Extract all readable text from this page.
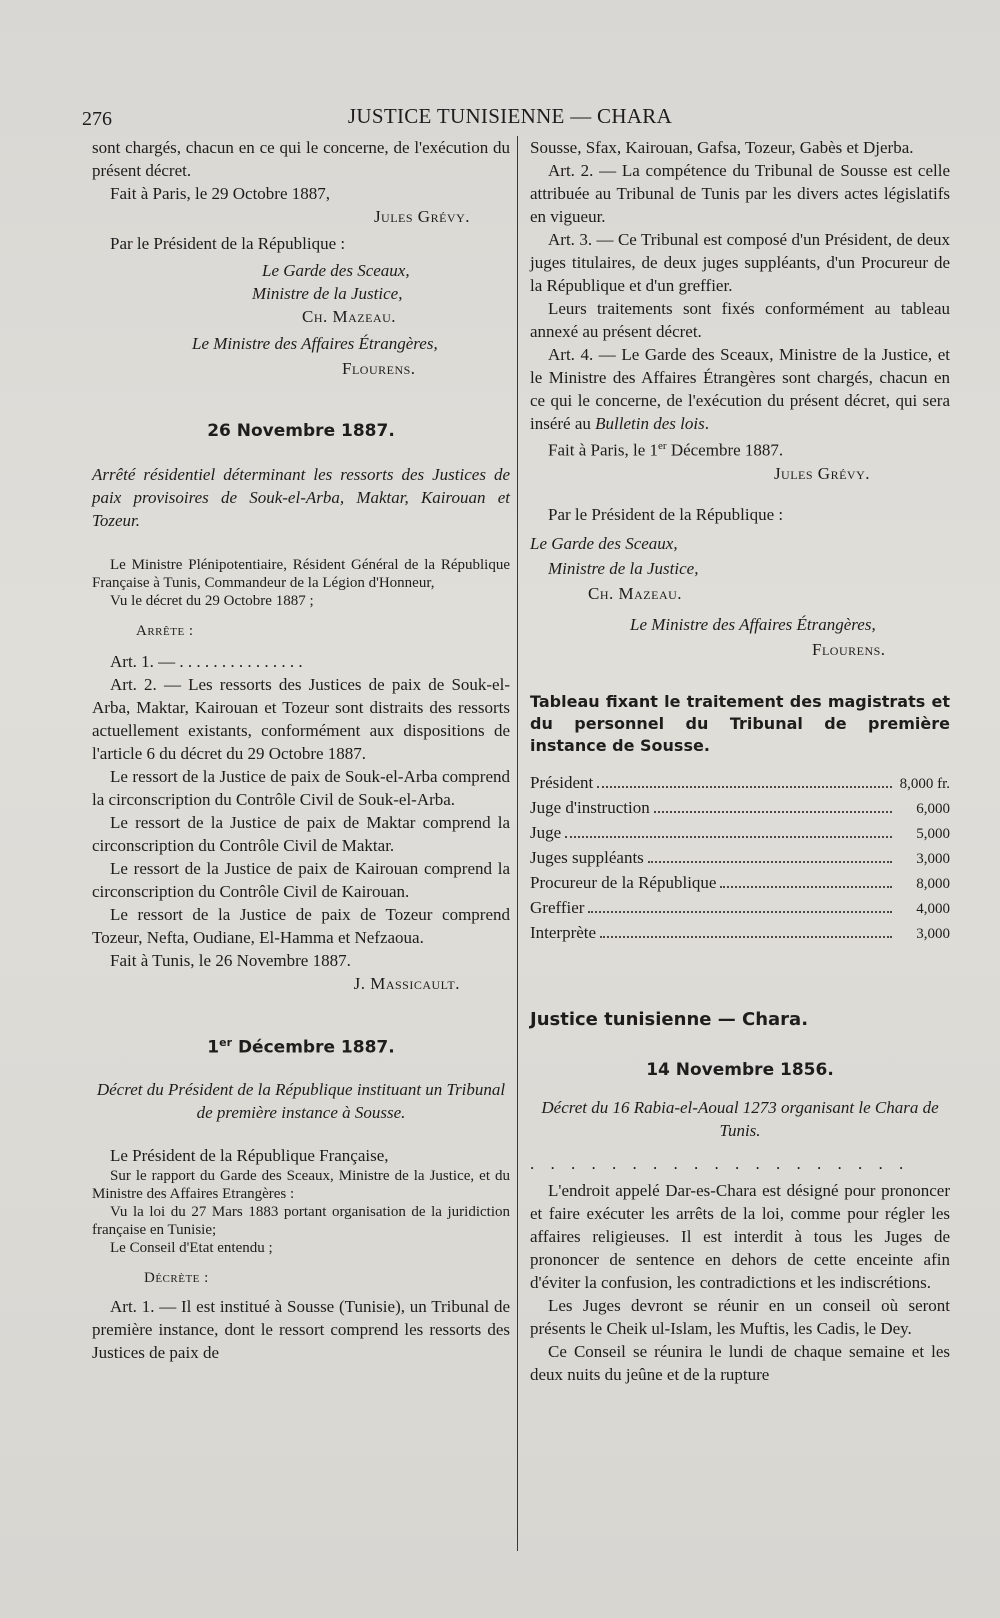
276	JUSTICE TUNISIENNE — CHARA

sont chargés, chacun en ce qui le concerne, de l'exécution du présent décret.

Fait à Paris, le 29 Octobre 1887,

Jules Grévy.

Par le Président de la République :

Le Garde des Sceaux,

Ministre de la Justice,

Ch. Mazeau.

Le Ministre des Affaires Étrangères,

Flourens.

26 Novembre 1887.

Arrêté résidentiel déterminant les ressorts des Justices de paix provisoires de Souk-el-Arba, Maktar, Kairouan et Tozeur.

Le Ministre Plénipotentiaire, Résident Général de la République Française à Tunis, Commandeur de la Légion d'Honneur,

Vu le décret du 29 Octobre 1887 ;

Arrête :

Art. 1. — . . . . . . . . . . . . . . .

Art. 2. — Les ressorts des Justices de paix de Souk-el-Arba, Maktar, Kairouan et Tozeur sont distraits des ressorts actuellement existants, conformément aux dispositions de l'article 6 du décret du 29 Octobre 1887.

Le ressort de la Justice de paix de Souk-el-Arba comprend la circonscription du Contrôle Civil de Souk-el-Arba.

Le ressort de la Justice de paix de Maktar comprend la circonscription du Contrôle Civil de Maktar.

Le ressort de la Justice de paix de Kairouan comprend la circonscription du Contrôle Civil de Kairouan.

Le ressort de la Justice de paix de Tozeur comprend Tozeur, Nefta, Oudiane, El-Hamma et Nefzaoua.

Fait à Tunis, le 26 Novembre 1887.

J. Massicault.

1er Décembre 1887.

Décret du Président de la République instituant un Tribunal de première instance à Sousse.

Le Président de la République Française,

Sur le rapport du Garde des Sceaux, Ministre de la Justice, et du Ministre des Affaires Etrangères :

Vu la loi du 27 Mars 1883 portant organisation de la juridiction française en Tunisie;

Le Conseil d'Etat entendu ;

Décrète :

Art. 1. — Il est institué à Sousse (Tunisie), un Tribunal de première instance, dont le ressort comprend les ressorts des Justices de paix de

Sousse, Sfax, Kairouan, Gafsa, Tozeur, Gabès et Djerba.

Art. 2. — La compétence du Tribunal de Sousse est celle attribuée au Tribunal de Tunis par les divers actes législatifs en vigueur.

Art. 3. — Ce Tribunal est composé d'un Président, de deux juges titulaires, de deux juges suppléants, d'un Procureur de la République et d'un greffier.

Leurs traitements sont fixés conformément au tableau annexé au présent décret.

Art. 4. — Le Garde des Sceaux, Ministre de la Justice, et le Ministre des Affaires Étrangères sont chargés, chacun en ce qui le concerne, de l'exécution du présent décret, qui sera inséré au Bulletin des lois.

Fait à Paris, le 1er Décembre 1887.

Jules Grévy.

Par le Président de la République :

Le Garde des Sceaux,

Ministre de la Justice,

Ch. Mazeau.

Le Ministre des Affaires Étrangères,

Flourens.

Tableau fixant le traitement des magistrats et du personnel du Tribunal de première instance de Sousse.

Président	8,000 fr.
Juge d'instruction	6,000
Juge	5,000
Juges suppléants	3,000
Procureur de la République	8,000
Greffier	4,000
Interprète	3,000

Justice tunisienne — Chara.

14 Novembre 1856.

Décret du 16 Rabia-el-Aoual 1273 organisant le Chara de Tunis.

. . . . . . . . . . . . . . . . . . .

L'endroit appelé Dar-es-Chara est désigné pour prononcer et faire exécuter les arrêts de la loi, comme pour régler les affaires religieuses. Il est interdit à tous les Juges de prononcer de sentence en dehors de cette enceinte afin d'éviter la confusion, les contradictions et les indiscrétions.

Les Juges devront se réunir en un conseil où seront présents le Cheik ul-Islam, les Muftis, les Cadis, le Dey.

Ce Conseil se réunira le lundi de chaque semaine et les deux nuits du jeûne et de la rupture
